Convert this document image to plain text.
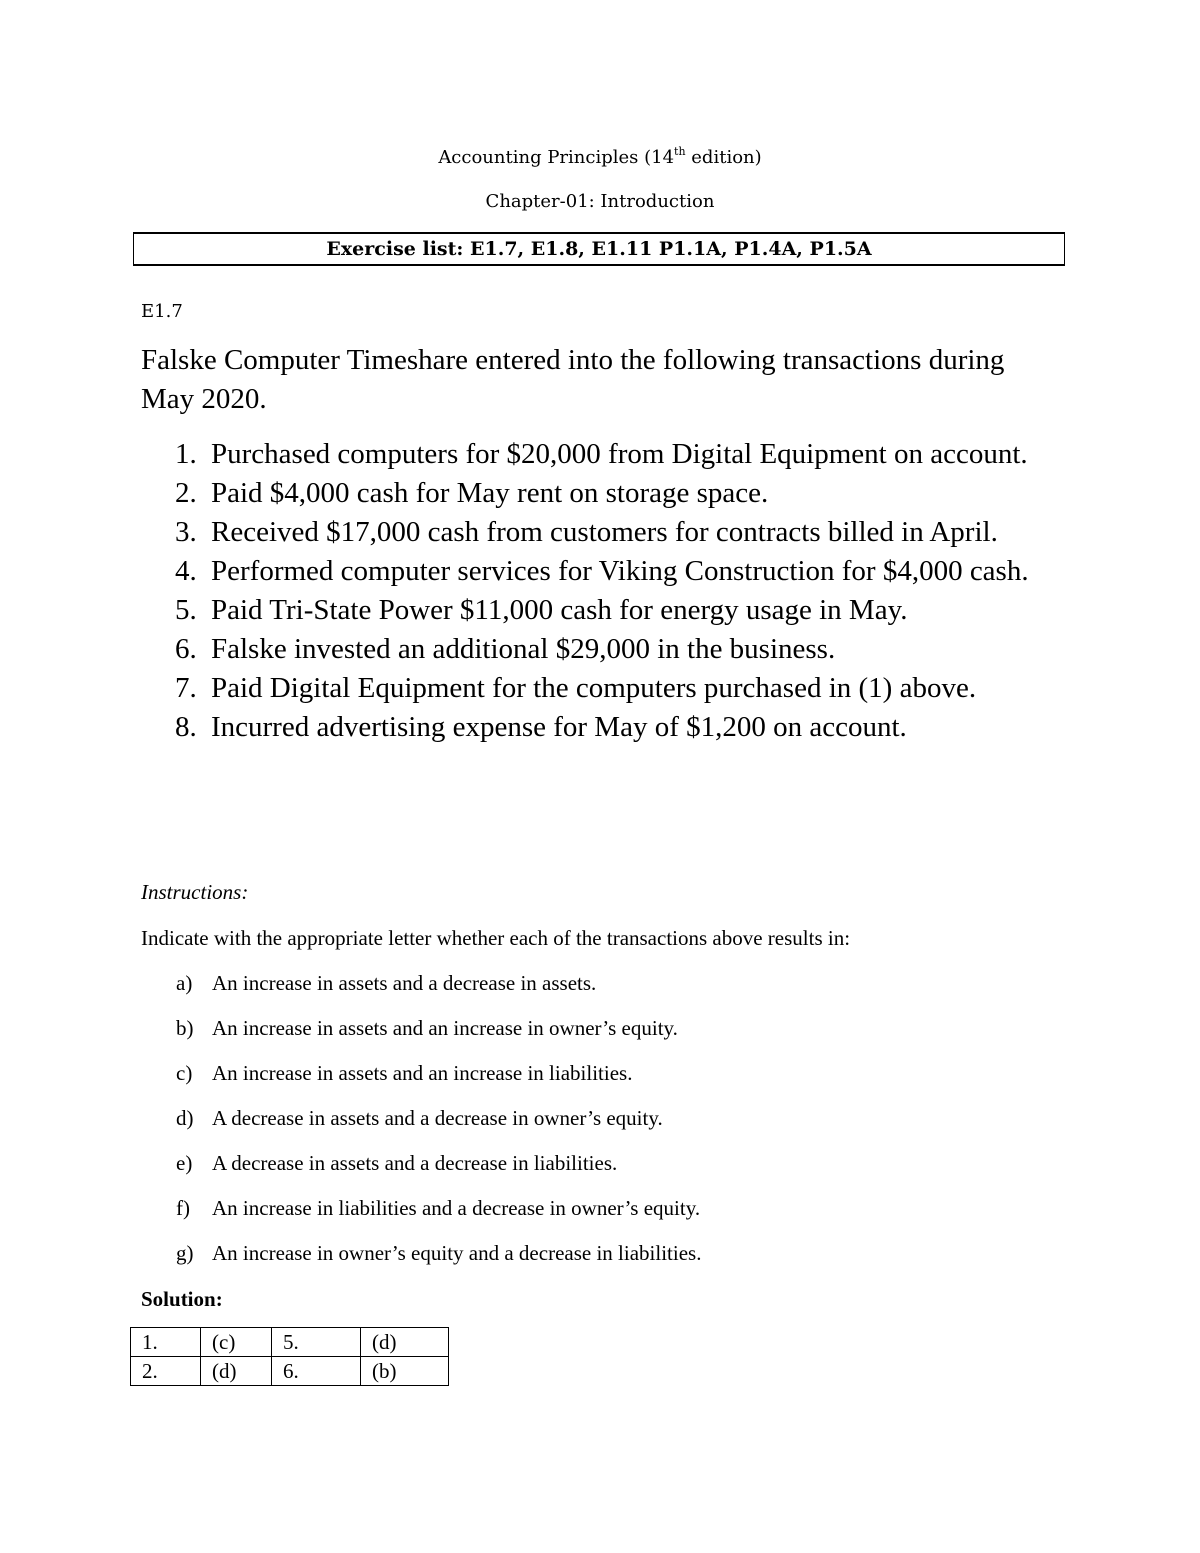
Accounting Principles (14th edition)
Chapter-01: Introduction
Exercise list: E1.7, E1.8, E1.11 P1.1A, P1.4A, P1.5A
E1.7
Falske Computer Timeshare entered into the following transactions during May 2020.
1. Purchased computers for $20,000 from Digital Equipment on account.
2. Paid $4,000 cash for May rent on storage space.
3. Received $17,000 cash from customers for contracts billed in April.
4. Performed computer services for Viking Construction for $4,000 cash.
5. Paid Tri-State Power $11,000 cash for energy usage in May.
6. Falske invested an additional $29,000 in the business.
7. Paid Digital Equipment for the computers purchased in (1) above.
8. Incurred advertising expense for May of $1,200 on account.
Instructions:
Indicate with the appropriate letter whether each of the transactions above results in:
a) An increase in assets and a decrease in assets.
b) An increase in assets and an increase in owner’s equity.
c) An increase in assets and an increase in liabilities.
d) A decrease in assets and a decrease in owner’s equity.
e) A decrease in assets and a decrease in liabilities.
f) An increase in liabilities and a decrease in owner’s equity.
g) An increase in owner’s equity and a decrease in liabilities.
Solution:
1.	(c)	5.	(d)
2.	(d)	6.	(b)
